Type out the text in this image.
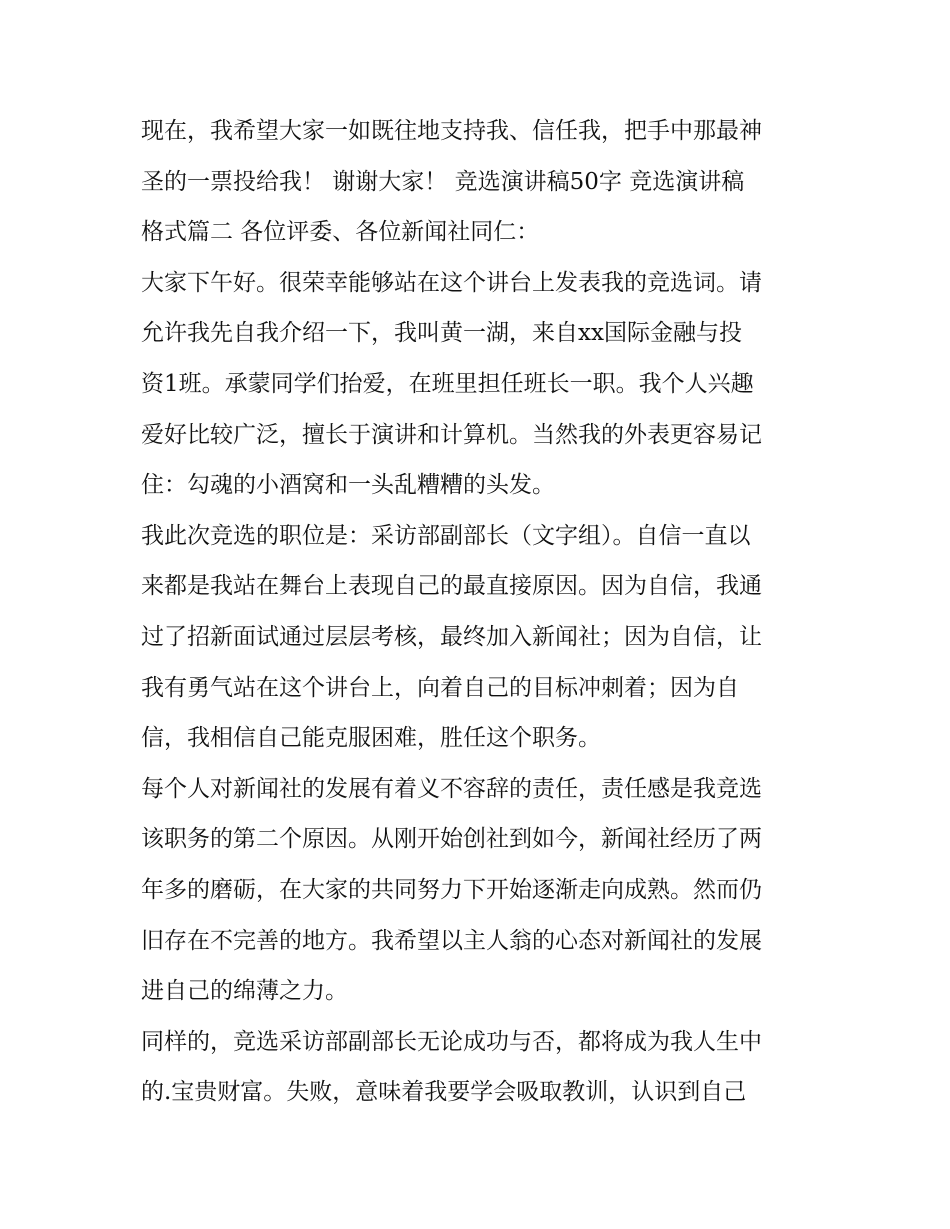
现在，我希望大家一如既往地支持我、信任我，把手中那最神
圣的一票投给我！ 谢谢大家！ 竞选演讲稿50字 竞选演讲稿
格式篇二 各位评委、各位新闻社同仁：
大家下午好。很荣幸能够站在这个讲台上发表我的竞选词。请
允许我先自我介绍一下，我叫黄一湖，来自xx国际金融与投
资1班。承蒙同学们抬爱，在班里担任班长一职。我个人兴趣
爱好比较广泛，擅长于演讲和计算机。当然我的外表更容易记
住：勾魂的小酒窝和一头乱糟糟的头发。
我此次竞选的职位是：采访部副部长（文字组）。自信一直以
来都是我站在舞台上表现自己的最直接原因。因为自信，我通
过了招新面试通过层层考核，最终加入新闻社；因为自信，让
我有勇气站在这个讲台上，向着自己的目标冲刺着；因为自
信，我相信自己能克服困难，胜任这个职务。
每个人对新闻社的发展有着义不容辞的责任，责任感是我竞选
该职务的第二个原因。从刚开始创社到如今，新闻社经历了两
年多的磨砺，在大家的共同努力下开始逐渐走向成熟。然而仍
旧存在不完善的地方。我希望以主人翁的心态对新闻社的发展
进自己的绵薄之力。
同样的，竞选采访部副部长无论成功与否，都将成为我人生中
的.宝贵财富。失败，意味着我要学会吸取教训，认识到自己
